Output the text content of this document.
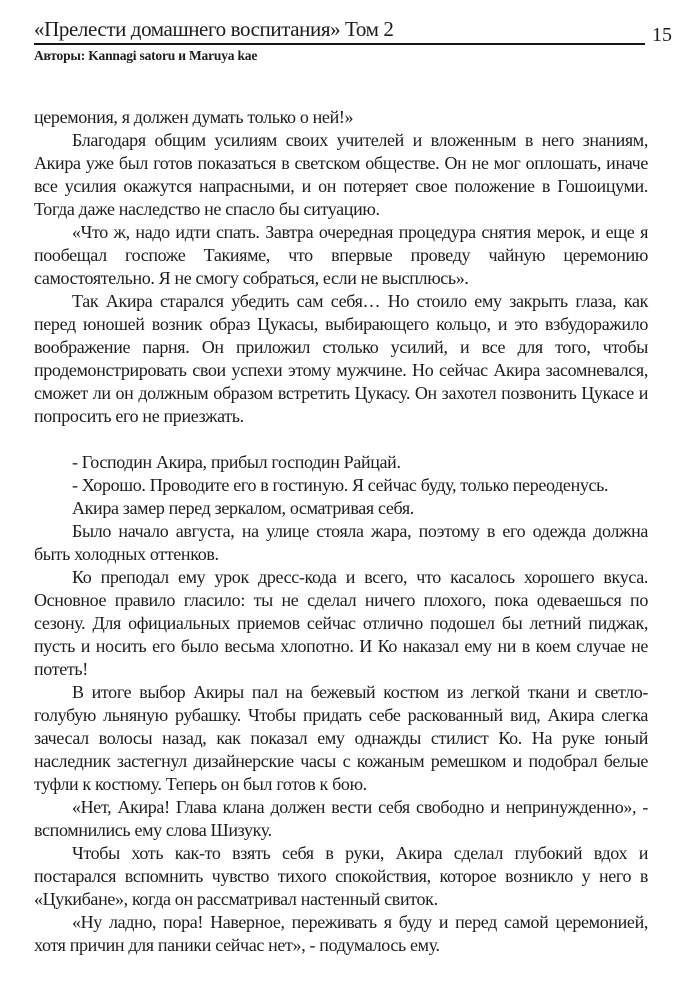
«Прелести домашнего воспитания» Том 2	15
Авторы: Kannagi satoru и Maruya kae

церемония, я должен думать только о ней!»

Благодаря общим усилиям своих учителей и вложенным в него знаниям, Акира уже был готов показаться в светском обществе. Он не мог оплошать, иначе все усилия окажутся напрасными, и он потеряет свое положение в Гошоицуми. Тогда даже наследство не спасло бы ситуацию.

«Что ж, надо идти спать. Завтра очередная процедура снятия мерок, и еще я пообещал госпоже Такияме, что впервые проведу чайную церемонию самостоятельно. Я не смогу собраться, если не высплюсь».

Так Акира старался убедить сам себя… Но стоило ему закрыть глаза, как перед юношей возник образ Цукасы, выбирающего кольцо, и это взбудоражило воображение парня. Он приложил столько усилий, и все для того, чтобы продемонстрировать свои успехи этому мужчине. Но сейчас Акира засомневался, сможет ли он должным образом встретить Цукасу. Он захотел позвонить Цукасе и попросить его не приезжать.

- Господин Акира, прибыл господин Райцай.

- Хорошо. Проводите его в гостиную. Я сейчас буду, только переоденусь.

Акира замер перед зеркалом, осматривая себя.

Было начало августа, на улице стояла жара, поэтому в его одежда должна быть холодных оттенков.

Ко преподал ему урок дресс-кода и всего, что касалось хорошего вкуса. Основное правило гласило: ты не сделал ничего плохого, пока одеваешься по сезону. Для официальных приемов сейчас отлично подошел бы летний пиджак, пусть и носить его было весьма хлопотно. И Ко наказал ему ни в коем случае не потеть!

В итоге выбор Акиры пал на бежевый костюм из легкой ткани и светло-голубую льняную рубашку. Чтобы придать себе раскованный вид, Акира слегка зачесал волосы назад, как показал ему однажды стилист Ко. На руке юный наследник застегнул дизайнерские часы с кожаным ремешком и подобрал белые туфли к костюму. Теперь он был готов к бою.

«Нет, Акира! Глава клана должен вести себя свободно и непринужденно», - вспомнились ему слова Шизуку.

Чтобы хоть как-то взять себя в руки, Акира сделал глубокий вдох и постарался вспомнить чувство тихого спокойствия, которое возникло у него в «Цукибане», когда он рассматривал настенный свиток.

«Ну ладно, пора! Наверное, переживать я буду и перед самой церемонией, хотя причин для паники сейчас нет», - подумалось ему.
